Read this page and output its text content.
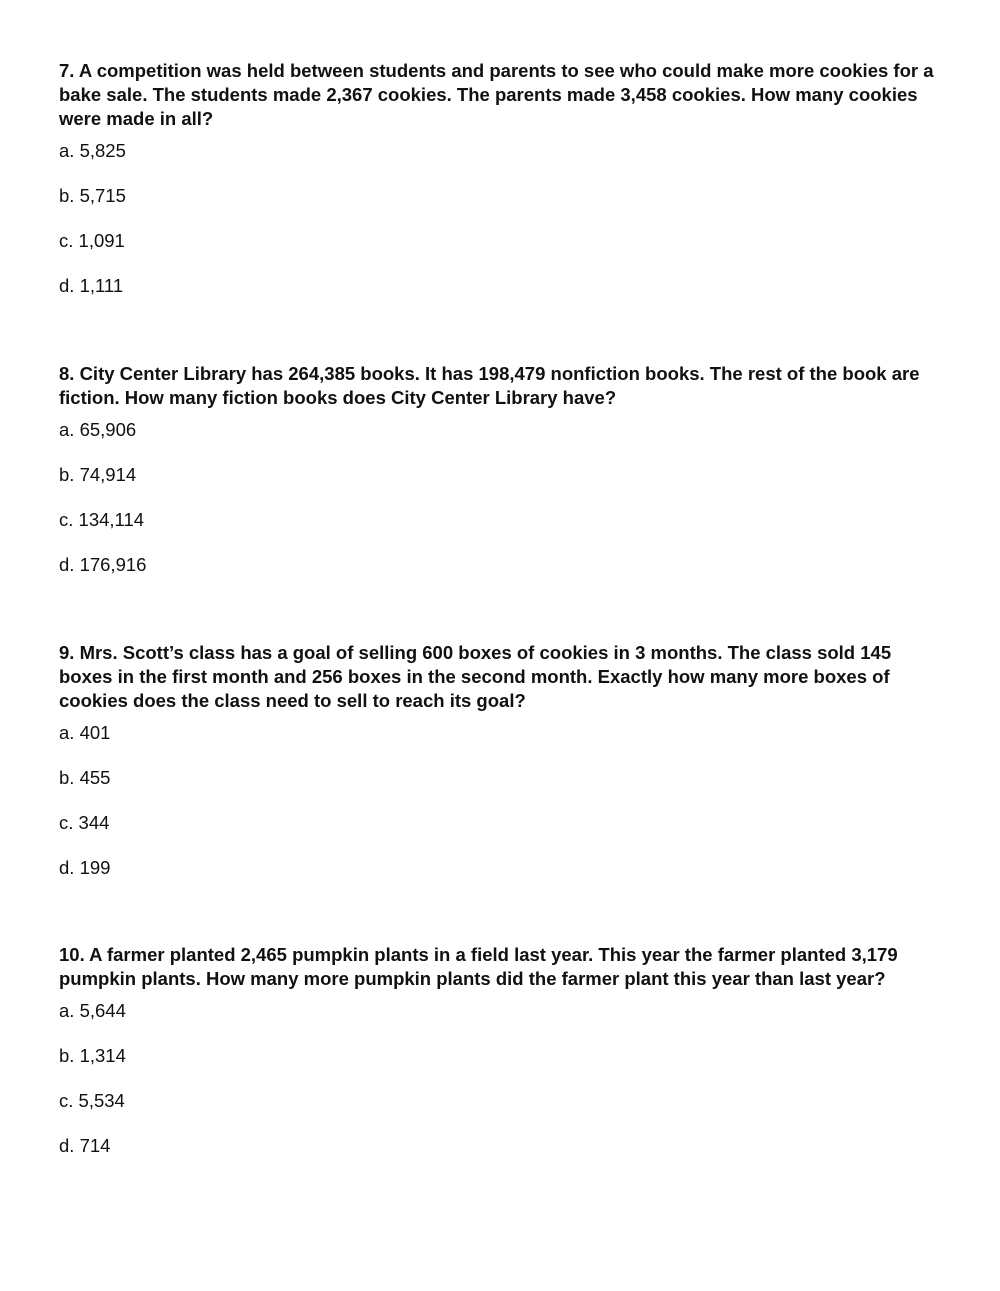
7. A competition was held between students and parents to see who could make more cookies for a bake sale. The students made 2,367 cookies. The parents made 3,458 cookies. How many cookies were made in all?

a. 5,825

b. 5,715

c. 1,091

d. 1,111

8. City Center Library has 264,385 books. It has 198,479 nonfiction books. The rest of the book are fiction. How many fiction books does City Center Library have?

a. 65,906

b. 74,914

c. 134,114

d. 176,916

9. Mrs. Scott’s class has a goal of selling 600 boxes of cookies in 3 months. The class sold 145 boxes in the first month and 256 boxes in the second month. Exactly how many more boxes of cookies does the class need to sell to reach its goal?

a. 401

b. 455

c. 344

d. 199

10. A farmer planted 2,465 pumpkin plants in a field last year. This year the farmer planted 3,179 pumpkin plants. How many more pumpkin plants did the farmer plant this year than last year?

a. 5,644

b. 1,314

c. 5,534

d. 714
